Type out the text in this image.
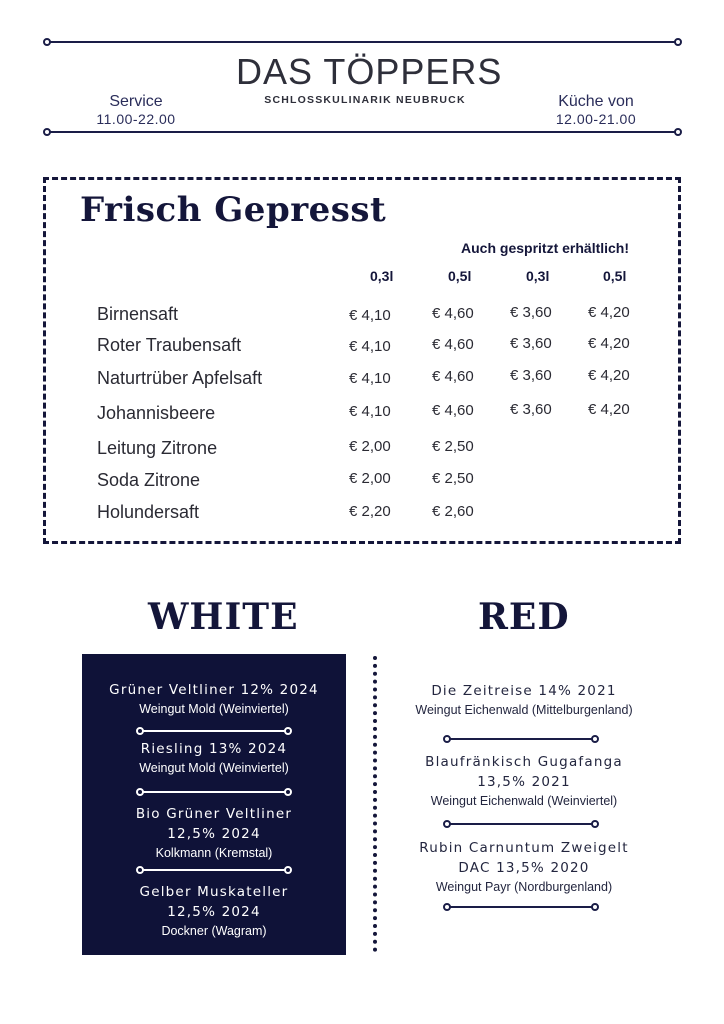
Service
11.00-22.00
Küche von
12.00-21.00
DAS TÖPPERS
SCHLOSSKULINARIK NEUBRUCK
Frisch Gepresst
Auch gespritzt erhältlich!
0,3l	0,5l	0,3l	0,5l
Birnensaft	€ 4,10	€ 4,60 € 3,60 € 4,20
Roter Traubensaft	€ 4,10	€ 4,60 € 3,60 € 4,20
Naturtrüber Apfelsaft	€ 4,10	€ 4,60 € 3,60 € 4,20
Johannisbeere	€ 4,10	€ 4,60 € 3,60 € 4,20
Leitung Zitrone	€ 2,00	€ 2,50
Soda Zitrone	€ 2,00	€ 2,50
Holundersaft	€ 2,20	€ 2,60
WHITE	RED
Grüner Veltliner 12% 2024
Weingut Mold (Weinviertel)
Riesling 13% 2024
Weingut Mold (Weinviertel)
Bio Grüner Veltliner
12,5% 2024
Kolkmann (Kremstal)
Gelber Muskateller
12,5% 2024
Dockner (Wagram)
Die Zeitreise 14% 2021
Weingut Eichenwald (Mittelburgenland)
Blaufränkisch Gugafanga
13,5% 2021
Weingut Eichenwald (Weinviertel)
Rubin Carnuntum Zweigelt
DAC 13,5% 2020
Weingut Payr (Nordburgenland)
